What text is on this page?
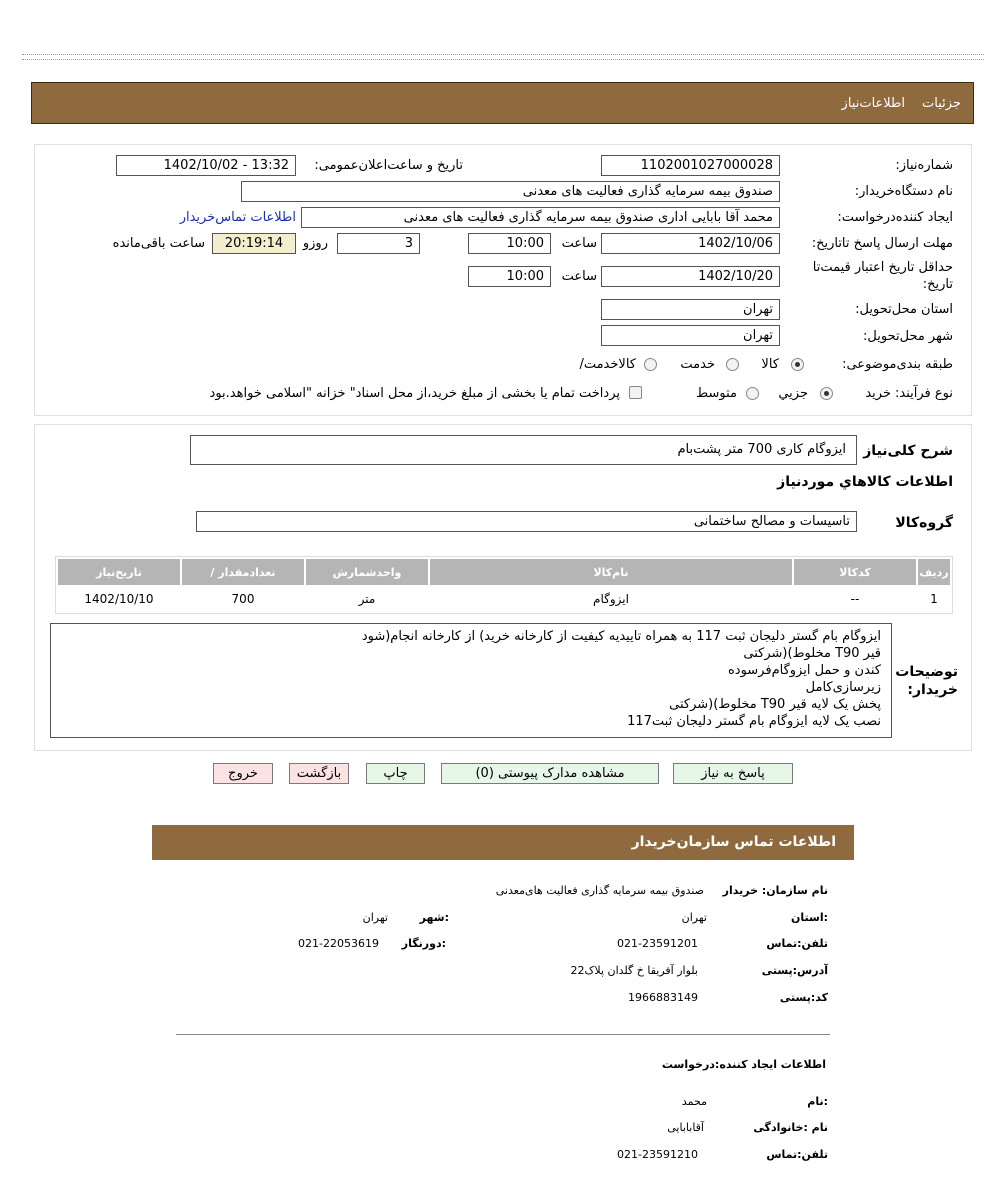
جزئیات
اطلاعات‌نیاز
شماره‌نیاز:
1102001027000028
تاریخ و ساعت‌اعلان‌عمومی:
1402/10/02 - 13:32
نام دستگاه‌خریدار:
صندوق بیمه سرمایه گذاری فعالیت های معدنی
ایجاد کننده‌درخواست:
محمد آقا بابایی اداری صندوق بیمه سرمایه گذاری فعالیت های معدنی
اطلاعات تماس‌خریدار
مهلت ارسال ‌پاسخ تا‌تاریخ:
1402/10/06
ساعت
10:00
3
روزو
20:19:14
ساعت باقی‌مانده
حداقل تاریخ اعتبار قیمت‌تا
تاریخ:
1402/10/20
ساعت
10:00
استان محل‌تحویل:
تهران
شهر محل‌تحویل:
تهران
طبقه بندی‌موضوعی:
کالا
خدمت
کالاخدمت/
نوع فرآیند:
خرید
جزیي
متوسط
پرداخت تمام یا بخشی از مبلغ خرید،از محل اسناد" خزانه "اسلامی خواهد.بود
شرح کلی‌نیاز
ایزوگام کاری 700 متر پشت‌بام
اطلاعات کالاهاي موردنیاز
گروه‌کالا
تاسیسات و مصالح ساختمانی
ردیف	کدکالا	نام‌کالا	واحدشمارش	تعداد‌مقدار /	تاریخ‌نیاز
1	--	ایزوگام	متر	700	1402/10/10
توضیحات
خریدار:
ایزوگام بام گستر دلیجان ثبت 117 به همراه تاییدیه کیفیت از کارخانه خرید) از کارخانه انجام(شود
قیر T90 مخلوط)(شرکتی
کندن و حمل ایزوگام‌فرسوده
زیرسازی‌کامل
پخش یک لایه قیر T90 مخلوط)(شرکتی
نصب یک لایه ایزوگام بام گستر دلیجان ثبت117
پاسخ به نیاز
مشاهده مدارک پیوستی (0)
چاپ
بازگشت
خروج
اطلاعات تماس سازمان‌خریدار
نام سازمان: خریدار
صندوق بیمه سرمایه گذاری فعالیت های‌معدنی
:استان
تهران
:شهر
تهران
تلفن:تماس
021-23591201
:دورنگار
021-22053619
آدرس:پستی
بلوار آفریقا خ گلدان پلاک22
کد:پستی
1966883149
اطلاعات ایجاد کننده:درخواست
:نام
محمد
نام :خانوادگی
آقابابایی
تلفن:تماس
021-23591210
